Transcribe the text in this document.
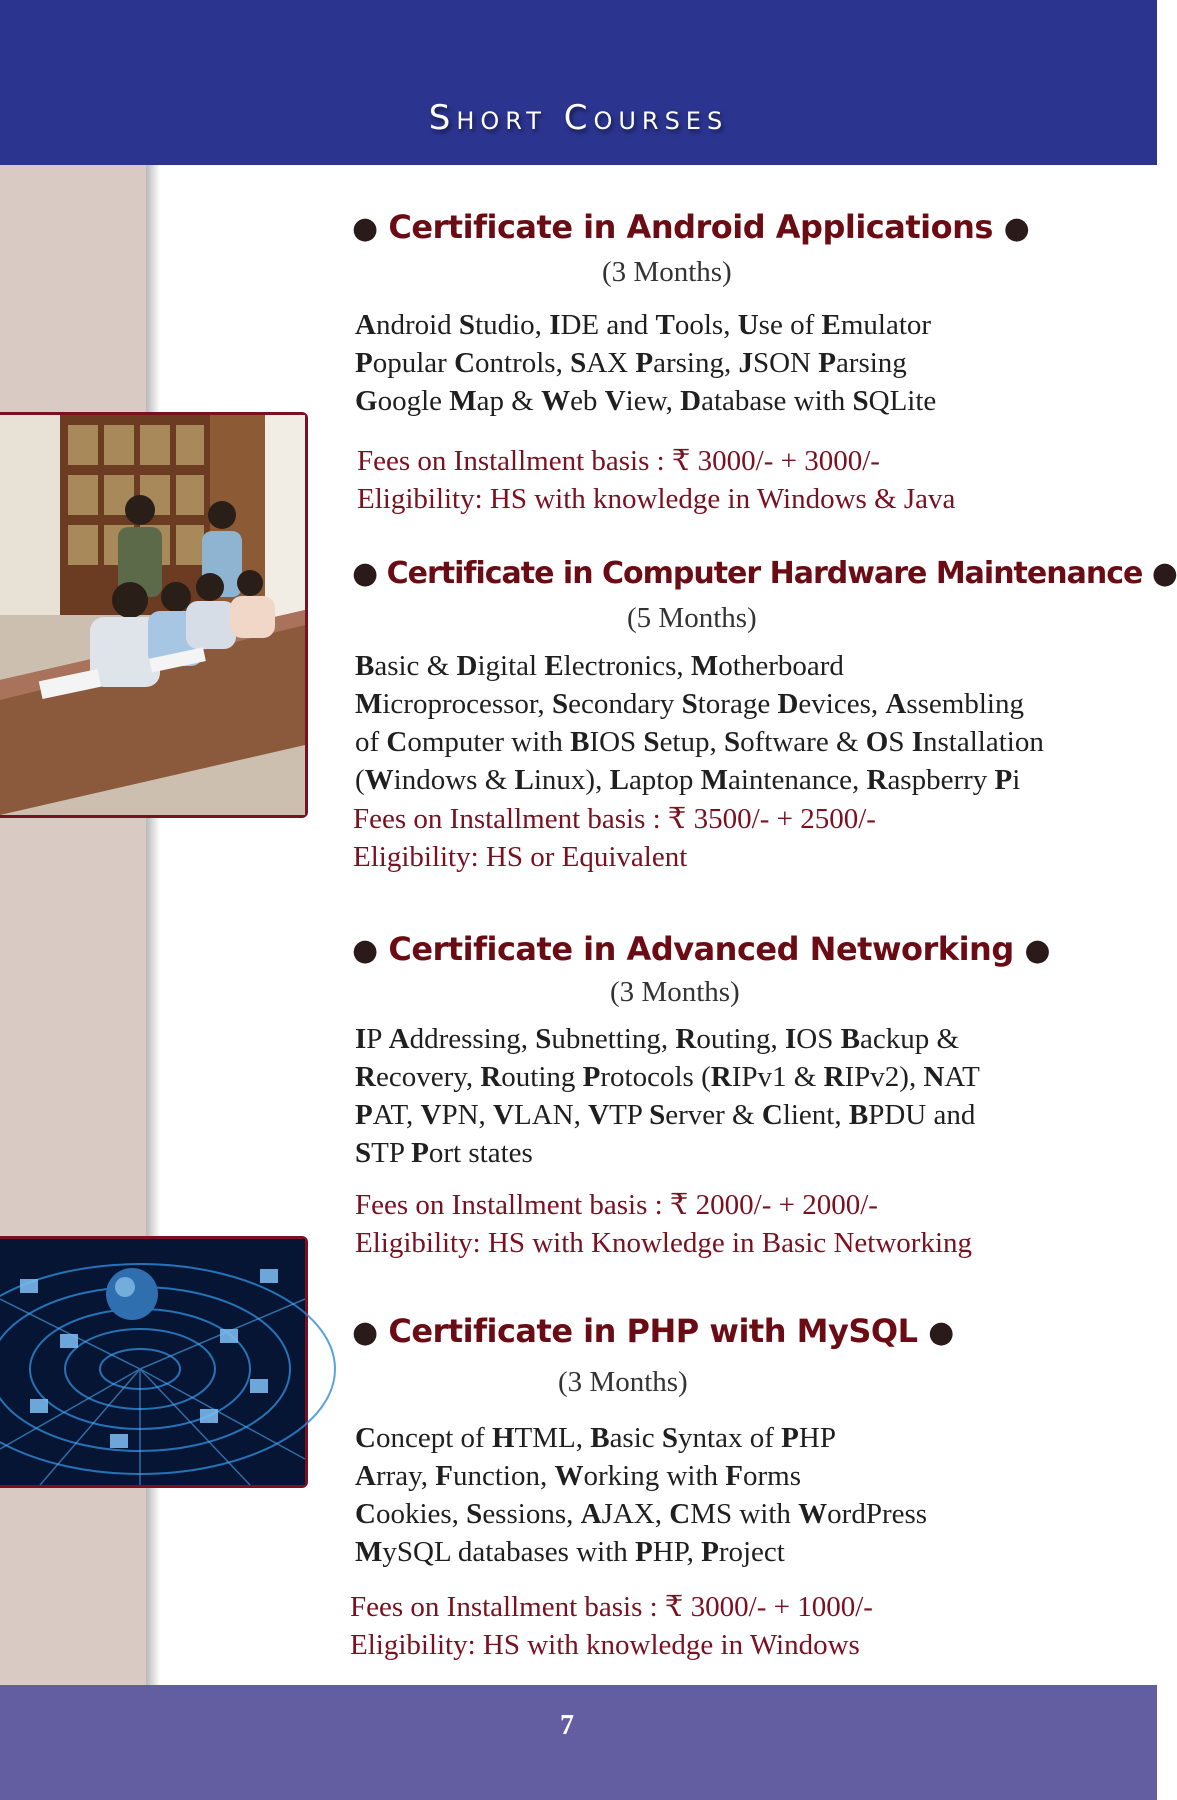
Short Courses
● Certificate in Android Applications ●
(3 Months)
Android Studio, IDE and Tools, Use of Emulator
Popular Controls, SAX Parsing, JSON Parsing
Google Map & Web View, Database with SQLite
Fees on Installment basis : ₹ 3000/- + 3000/-
Eligibility: HS with knowledge in Windows & Java
● Certificate in Computer Hardware Maintenance ●
(5 Months)
Basic & Digital Electronics, Motherboard
Microprocessor, Secondary Storage Devices, Assembling
of Computer with BIOS Setup, Software & OS Installation
(Windows & Linux), Laptop Maintenance, Raspberry Pi
Fees on Installment basis : ₹ 3500/- + 2500/-
Eligibility: HS or Equivalent
● Certificate in Advanced Networking ●
(3 Months)
IP Addressing, Subnetting, Routing, IOS Backup &
Recovery, Routing Protocols (RIPv1 & RIPv2), NAT
PAT, VPN, VLAN, VTP Server & Client, BPDU and
STP Port states
Fees on Installment basis : ₹ 2000/- + 2000/-
Eligibility: HS with Knowledge in Basic Networking
● Certificate in PHP with MySQL ●
(3 Months)
Concept of HTML, Basic Syntax of PHP
Array, Function, Working with Forms
Cookies, Sessions, AJAX, CMS with WordPress
MySQL databases with PHP, Project
Fees on Installment basis : ₹ 3000/- + 1000/-
Eligibility: HS with knowledge in Windows
7
